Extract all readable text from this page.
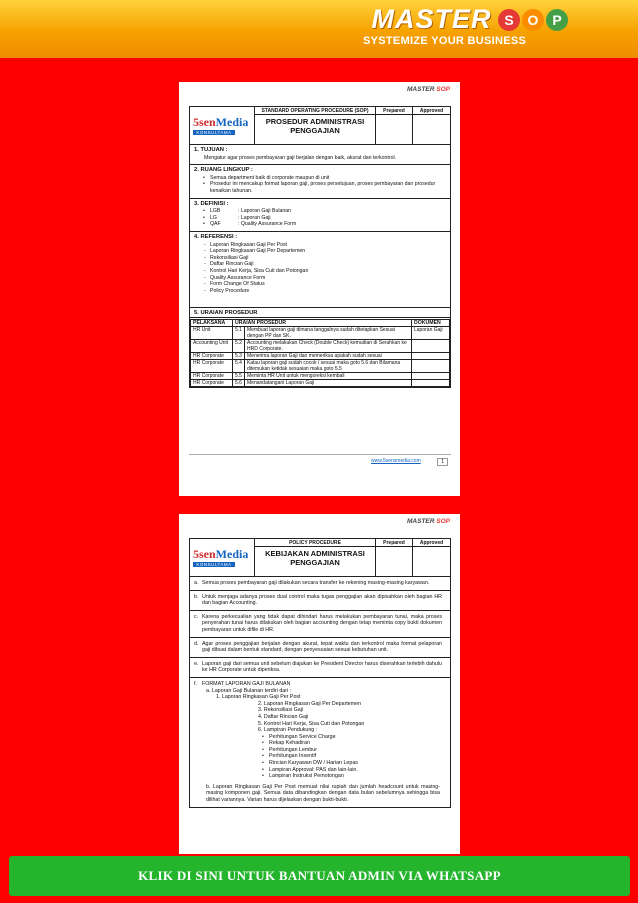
MASTER S O P
SYSTEMIZE YOUR BUSINESS
MASTER SOP
5senMedia
KONSULTAMA
STANDARD OPERATING PROCEDURE (SOP)
PROSEDUR ADMINISTRASI PENGGAJIAN
Prepared	Approved
1. TUJUAN :
Mengatur agar proses pembayaran gaji berjalan dengan baik, akurat dan terkontrol.
2. RUANG LINGKUP :
• Semua department baik di corporate maupun di unit
• Prosedur ini mencakup format laporan gaji, proses persetujuan, proses pembayaran dan prosedur kenaikan tahunan.
3. DEFINISI :
• LGB	: Laporan Gaji Bulanan
• LG	: Laporan Gaji
• QAF	: Quality Assurance Form
4. REFERENSI :
- Laporan Ringkasan Gaji Per Post
- Laporan Ringkasan Gaji Per Departemen
- Rekonsiliasi Gaji
- Daftar Rincian Gaji
- Kontrol Hari Kerja, Sisa Cuti dan Potongan
- Quality Assurance Form
- Form Change Of Status
- Policy Procedure
5. URAIAN PROSEDUR
PELAKSANA	URAIAN PROSEDUR		DOKUMEN
HR Unit	5.1	Membuat laporan gaji dimana tanggalnya sudah ditetapkan Sesuai dengan PP dan SK.	Laporan Gaji
Accounting Unit	5.2	Accounting melakukan Check (Double Check) kemudian di Serahkan ke HRD Corporate.	
HR Corporate	5.3	Menerima laporan Gaji dan memeriksa apakah sudah sesuai	
HR Corporate	5.4	Kalau laporan gaji sudah cocok / sesuai maka goto 5.6 dan Bilamana ditemukan ketidak sesuaian maka goto 5.5	
HR Corporate	5.5	Meminta HR Unit untuk mengoreksi kembali	
HR Corporate	5.6	Menandatangani Laporan Gaji	
www.5sensmedia.com	1
MASTER SOP
5senMedia
KONSULTAMA
POLICY PROCEDURE
KEBIJAKAN ADMINISTRASI PENGGAJIAN
Prepared	Approved
a. Semua proses pembayaran gaji dilakukan secara transfer ke rekening masing-masing karyawan.
b. Untuk menjaga adanya proses dual control maka tugas penggajian akan dipisahkan oleh bagian HR dan bagian Accounting.
c. Karena perkecualian yang tidak dapat dihindari harus melakukan pembayaran tunai, maka proses penyerahan tunai harus dilakukan oleh bagian accounting dengan tetap meminta copy bukti dokumen pembayaran untuk difile di HR.
d. Agar proses penggajian berjalan dengan akurat, tepat waktu dan terkontrol maka format pelaporan gaji dibuat dalam bentuk standard, dengan penyesuaian sesuai kebutuhan unit.
e. Laporan gaji dari semua unit sebelum diajukan ke President Director harus diserahkan terlebih dahulu ke HR Corporate untuk diperiksa.
f. FORMAT LAPORAN GAJI BULANAN
a. Laporan Gaji Bulanan terdiri dari :
1. Laporan Ringkasan Gaji Per Post
2. Laporan Ringkasan Gaji Per Departemen
3. Rekonsiliasi Gaji
4. Daftar Rincian Gaji
5. Kontrol Hari Kerja, Sisa Cuti dan Potongan
6. Lampiran Pendukung :
• Perhitungan Service Charge
• Rekap Kehadiran
• Perhitungan Lembur
• Perhitungan Insentif
• Rincian Karyawan DW / Harian Lepas
• Lampiran Approval: PAS dan lain-lain.
• Lampiran Instruksi Pemotongan
b. Laporan Ringkasan Gaji Per Post memuat nilai rupiah dan jumlah headcount untuk masing-masing komponen gaji. Semua data dibandingkan dengan data bulan sebelumnya sehingga bisa dilihat variannya. Varian harus dijelaskan dengan bukti-bukti.
KLIK DI SINI UNTUK BANTUAN ADMIN VIA WHATSAPP
